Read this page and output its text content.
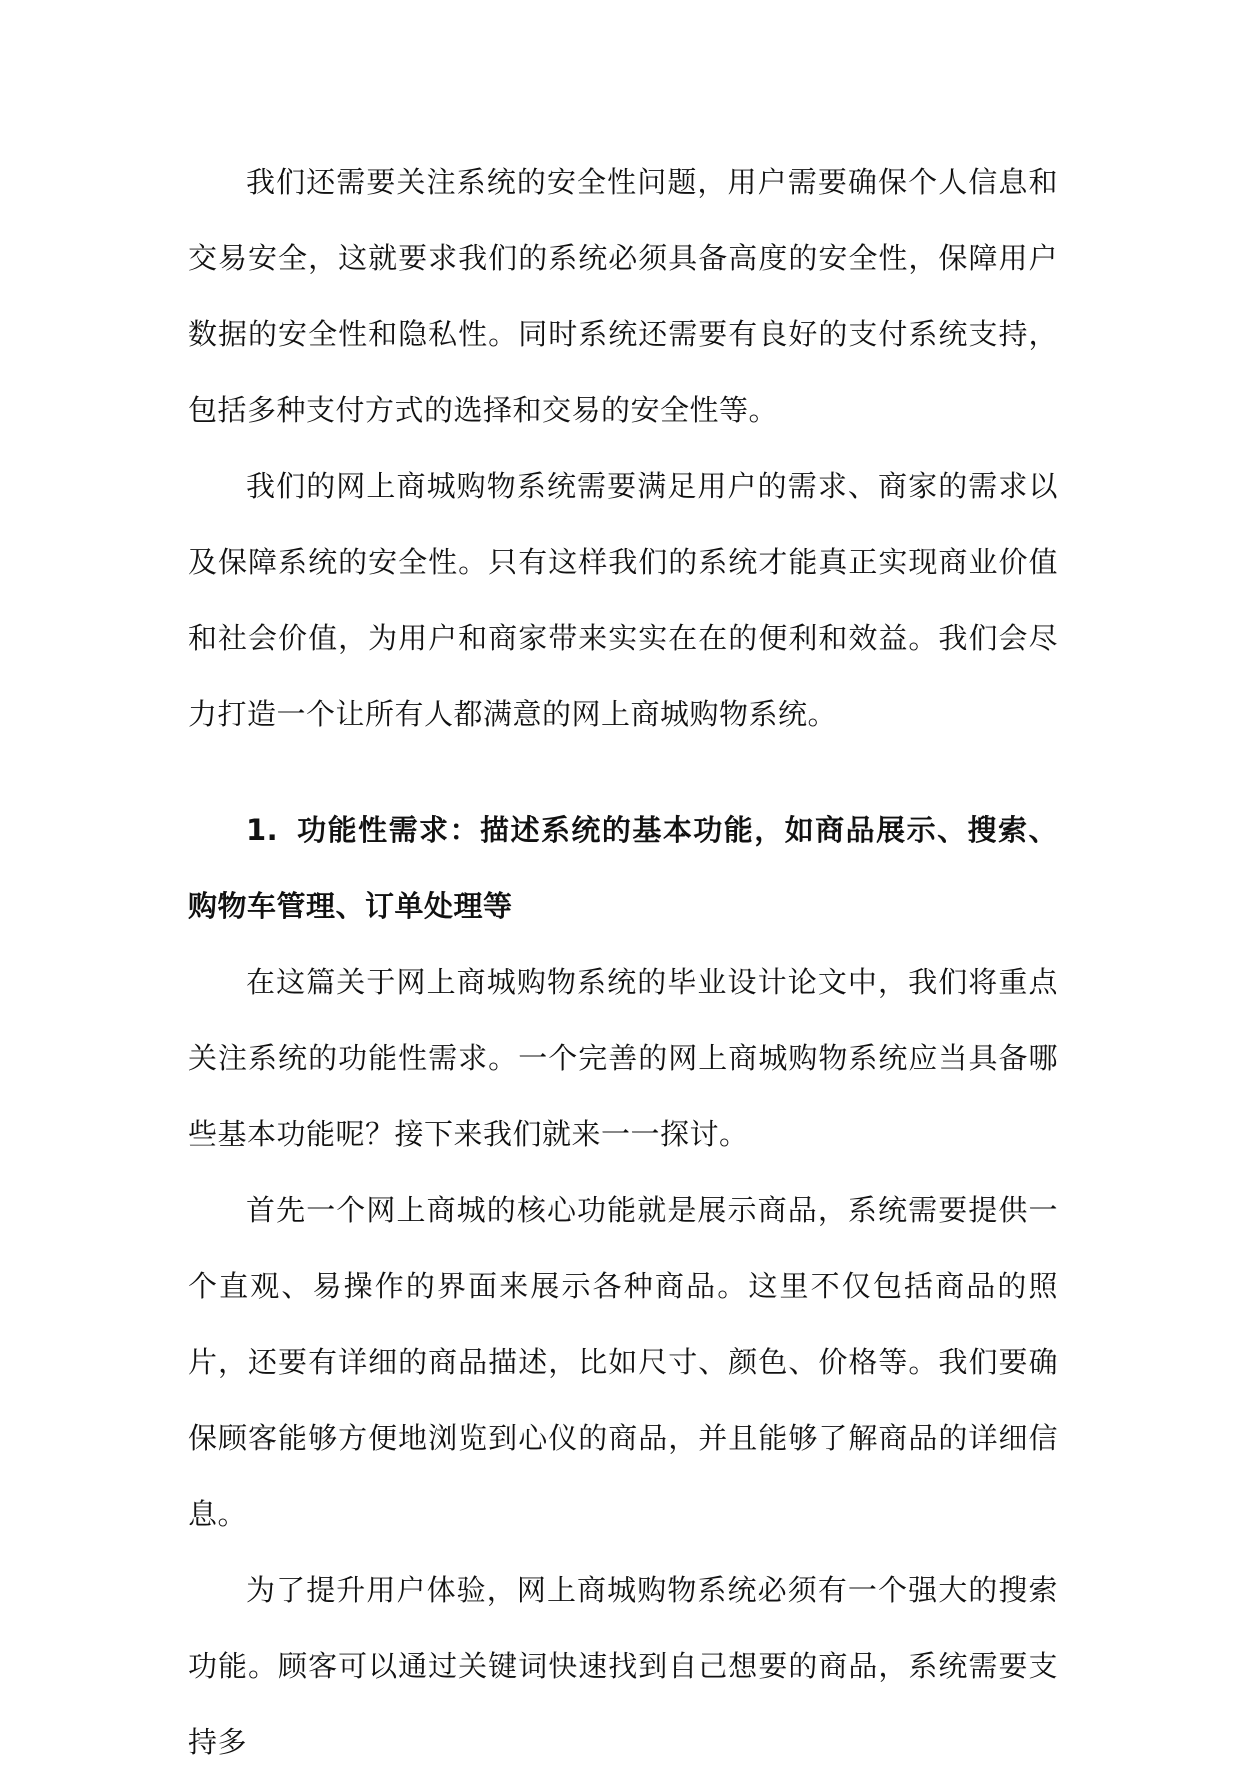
我们还需要关注系统的安全性问题，用户需要确保个人信息和交易安全，这就要求我们的系统必须具备高度的安全性，保障用户数据的安全性和隐私性。同时系统还需要有良好的支付系统支持，包括多种支付方式的选择和交易的安全性等。

我们的网上商城购物系统需要满足用户的需求、商家的需求以及保障系统的安全性。只有这样我们的系统才能真正实现商业价值和社会价值，为用户和商家带来实实在在的便利和效益。我们会尽力打造一个让所有人都满意的网上商城购物系统。

1. 功能性需求：描述系统的基本功能，如商品展示、搜索、购物车管理、订单处理等

在这篇关于网上商城购物系统的毕业设计论文中，我们将重点关注系统的功能性需求。一个完善的网上商城购物系统应当具备哪些基本功能呢？接下来我们就来一一探讨。

首先一个网上商城的核心功能就是展示商品，系统需要提供一个直观、易操作的界面来展示各种商品。这里不仅包括商品的照片，还要有详细的商品描述，比如尺寸、颜色、价格等。我们要确保顾客能够方便地浏览到心仪的商品，并且能够了解商品的详细信息。

为了提升用户体验，网上商城购物系统必须有一个强大的搜索功能。顾客可以通过关键词快速找到自己想要的商品，系统需要支持多
